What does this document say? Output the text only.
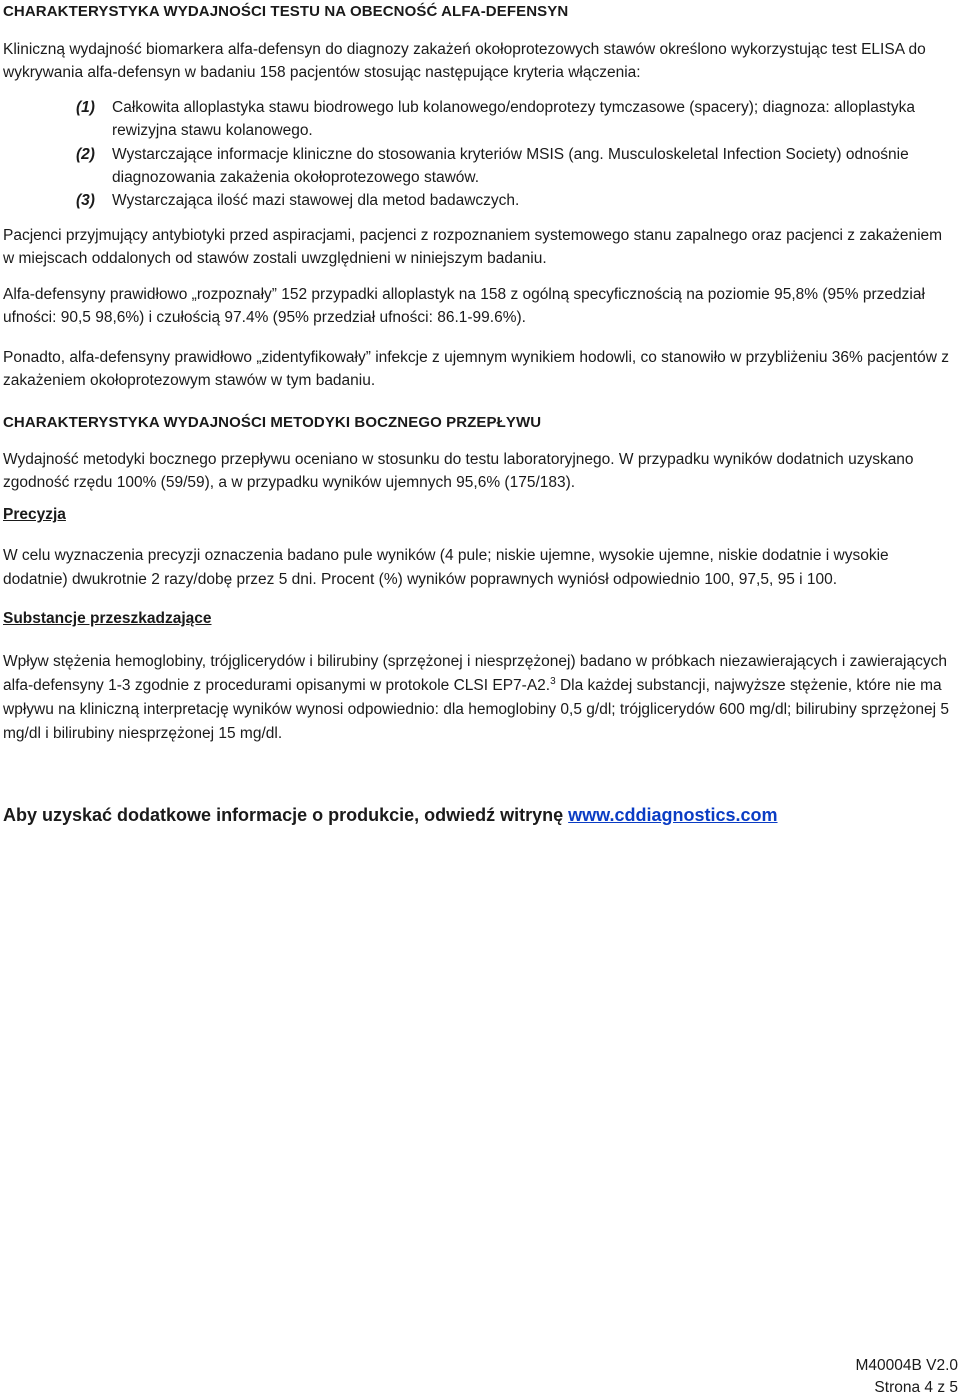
CHARAKTERYSTYKA WYDAJNOŚCI TESTU NA OBECNOŚĆ ALFA-DEFENSYN

Kliniczną wydajność biomarkera alfa-defensyn do diagnozy zakażeń okołoprotezowych stawów określono wykorzystując test ELISA do wykrywania alfa-defensyn w badaniu 158 pacjentów stosując następujące kryteria włączenia:

(1)	Całkowita alloplastyka stawu biodrowego lub kolanowego/endoprotezy tymczasowe (spacery); diagnoza: alloplastyka rewizyjna stawu kolanowego.
(2)	Wystarczające informacje kliniczne do stosowania kryteriów MSIS (ang. Musculoskeletal Infection Society) odnośnie diagnozowania zakażenia okołoprotezowego stawów.
(3)	Wystarczająca ilość mazi stawowej dla metod badawczych.

Pacjenci przyjmujący antybiotyki przed aspiracjami, pacjenci z rozpoznaniem systemowego stanu zapalnego oraz pacjenci z zakażeniem w miejscach oddalonych od stawów zostali uwzględnieni w niniejszym badaniu.

Alfa-defensyny prawidłowo „rozpoznały” 152 przypadki alloplastyk na 158 z ogólną specyficznością na poziomie 95,8% (95% przedział ufności: 90,5 98,6%) i czułością 97.4% (95% przedział ufności: 86.1-99.6%).

Ponadto, alfa-defensyny prawidłowo „zidentyfikowały” infekcje z ujemnym wynikiem hodowli, co stanowiło w przybliżeniu 36% pacjentów z zakażeniem okołoprotezowym stawów w tym badaniu.

CHARAKTERYSTYKA WYDAJNOŚCI METODYKI BOCZNEGO PRZEPŁYWU

Wydajność metodyki bocznego przepływu oceniano w stosunku do testu laboratoryjnego. W przypadku wyników dodatnich uzyskano zgodność rzędu 100% (59/59), a w przypadku wyników ujemnych 95,6% (175/183).

Precyzja

W celu wyznaczenia precyzji oznaczenia badano pule wyników (4 pule; niskie ujemne, wysokie ujemne, niskie dodatnie i wysokie dodatnie) dwukrotnie 2 razy/dobę przez 5 dni. Procent (%) wyników poprawnych wyniósł odpowiednio 100, 97,5, 95 i 100.

Substancje przeszkadzające

Wpływ stężenia hemoglobiny, trójglicerydów i bilirubiny (sprzężonej i niesprzężonej) badano w próbkach niezawierających i zawierających alfa-defensyny 1-3 zgodnie z procedurami opisanymi w protokole CLSI EP7-A2.$^3$ Dla każdej substancji, najwyższe stężenie, które nie ma wpływu na kliniczną interpretację wyników wynosi odpowiednio: dla hemoglobiny 0,5 g/dl; trójglicerydów 600 mg/dl; bilirubiny sprzężonej 5 mg/dl i bilirubiny niesprzężonej 15 mg/dl.

Aby uzyskać dodatkowe informacje o produkcie, odwiedź witrynę www.cddiagnostics.com
M40004B V2.0
Strona 4 z 5
